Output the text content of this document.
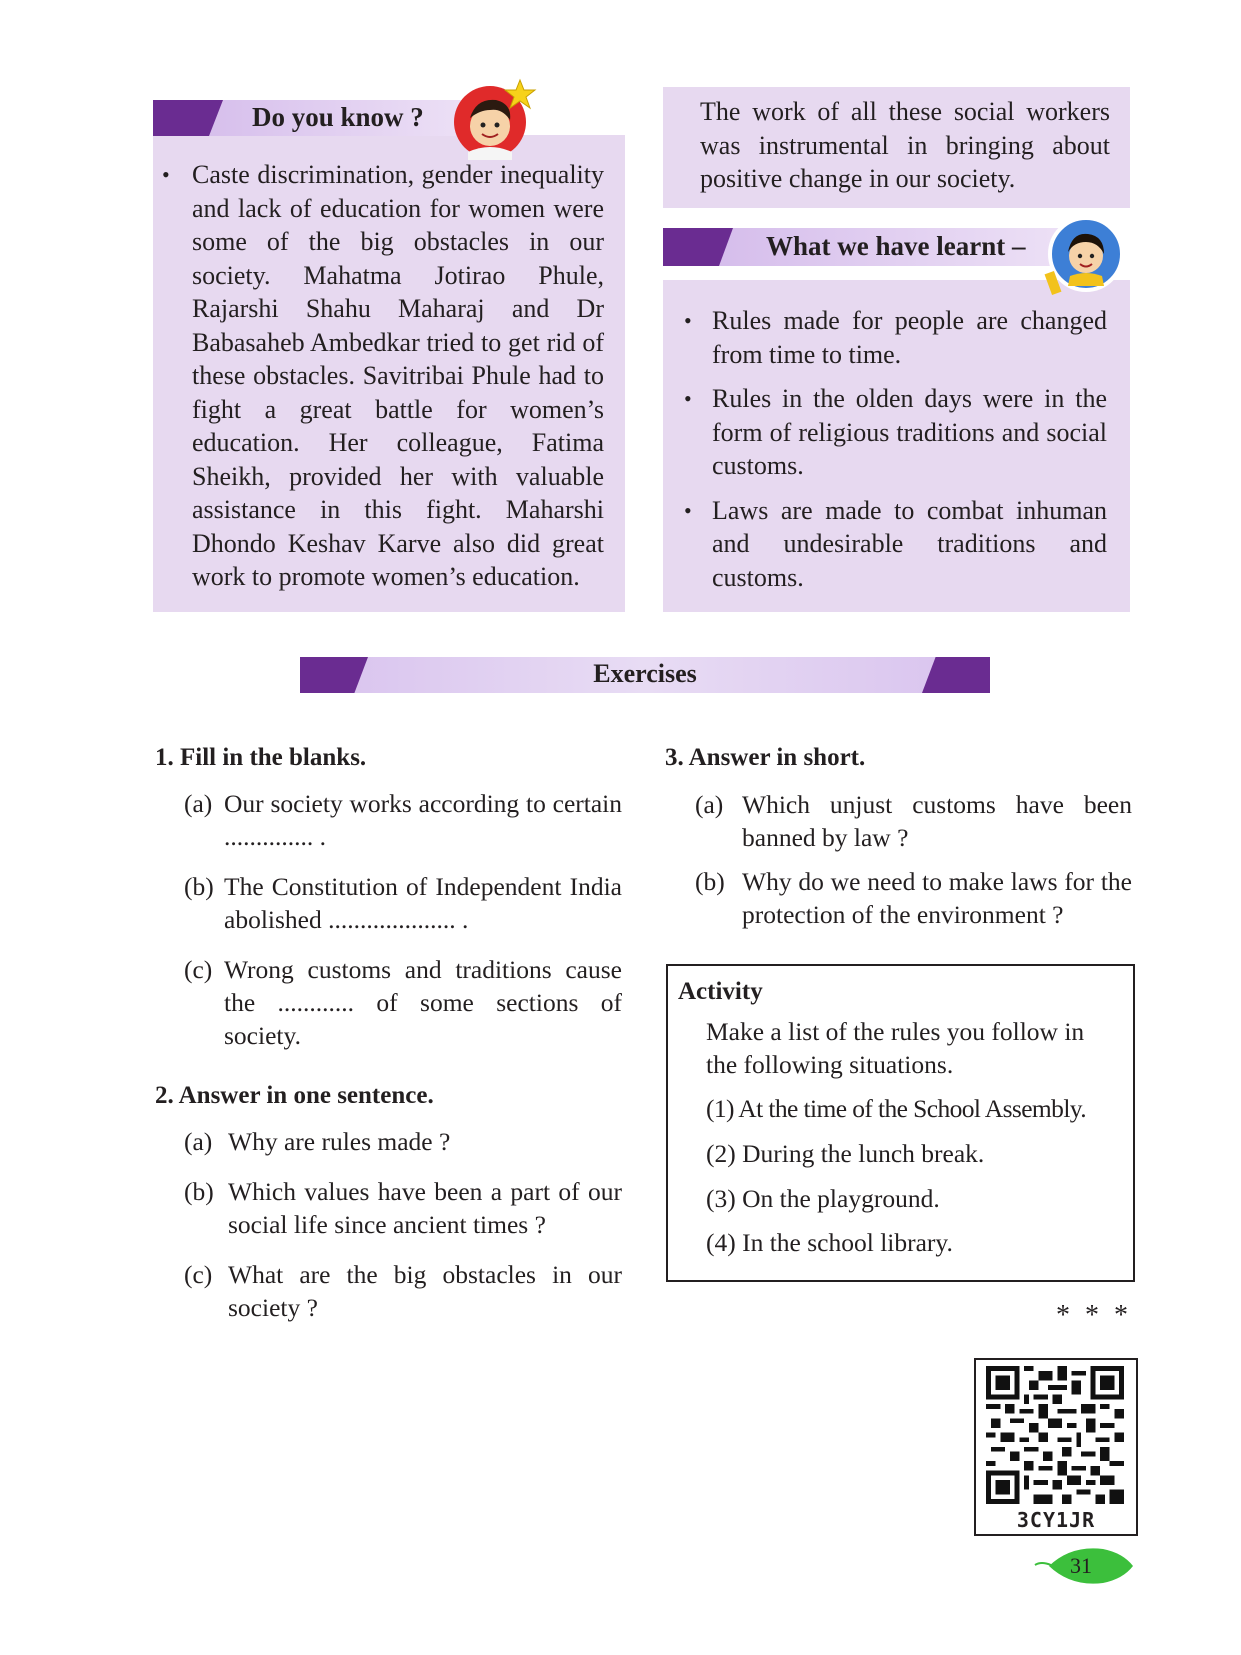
Do you know ?
• Caste discrimination, gender inequality and lack of education for women were some of the big obstacles in our society. Mahatma Jotirao Phule, Rajarshi Shahu Maharaj and Dr Babasaheb Ambedkar tried to get rid of these obstacles. Savitribai Phule had to fight a great battle for women’s education. Her colleague, Fatima Sheikh, provided her with valuable assistance in this fight. Maharshi Dhondo Keshav Karve also did great work to promote women’s education.
The work of all these social workers was instrumental in bringing about positive change in our society.
What we have learnt –
• Rules made for people are changed from time to time.
• Rules in the olden days were in the form of religious traditions and social customs.
• Laws are made to combat inhuman and undesirable traditions and customs.
Exercises
1. Fill in the blanks.
(a) Our society works according to certain .............. .
(b) The Constitution of Independent India abolished .................... .
(c) Wrong customs and traditions cause the ............ of some sections of society.
2. Answer in one sentence.
(a) Why are rules made ?
(b) Which values have been a part of our social life since ancient times ?
(c) What are the big obstacles in our society ?
3. Answer in short.
(a) Which unjust customs have been banned by law ?
(b) Why do we need to make laws for the protection of the environment ?
Activity
Make a list of the rules you follow in the following situations.
(1) At the time of the School Assembly.
(2) During the lunch break.
(3) On the playground.
(4) In the school library.
* * *
3CY1JR
31
